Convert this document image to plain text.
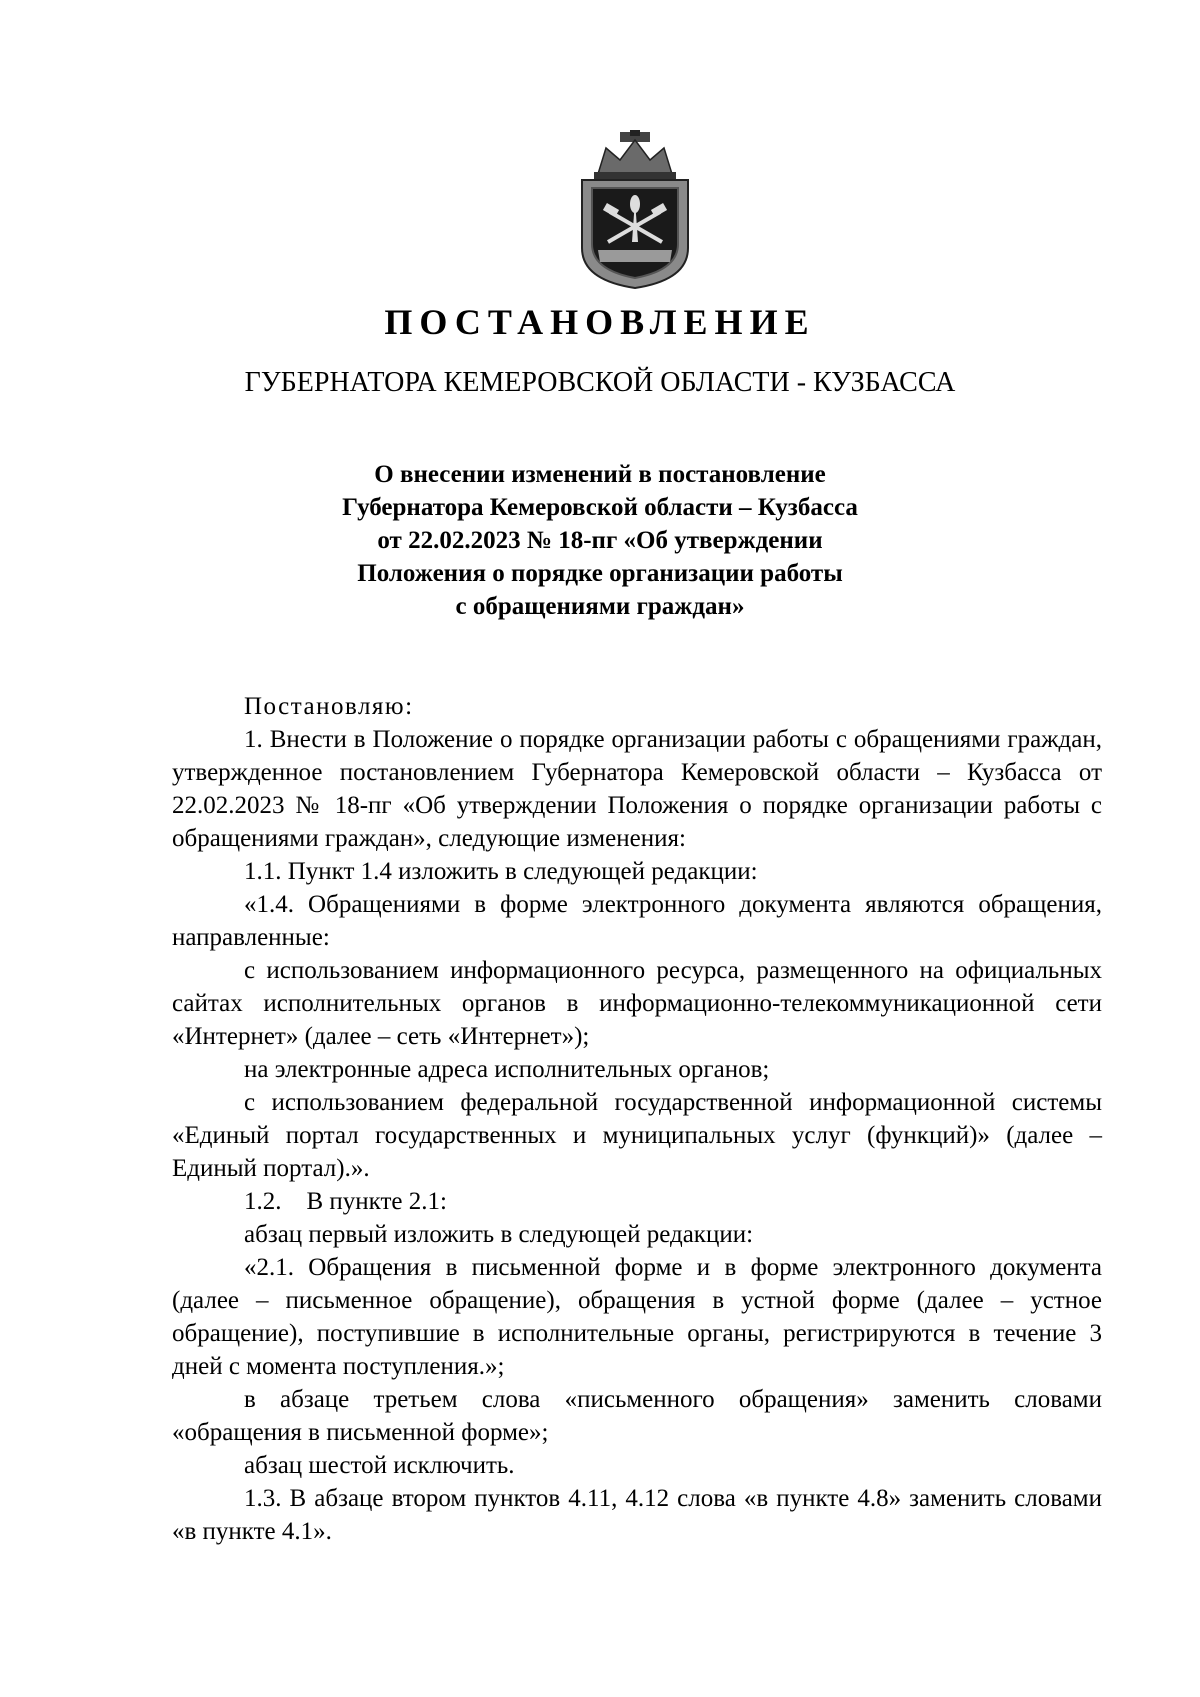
ПОСТАНОВЛЕНИЕ
ГУБЕРНАТОРА КЕМЕРОВСКОЙ ОБЛАСТИ - КУЗБАССА
О внесении изменений в постановление
Губернатора Кемеровской области – Кузбасса
от 22.02.2023 № 18-пг «Об утверждении
Положения о порядке организации работы
с обращениями граждан»

Постановляю:

1. Внести в Положение о порядке организации работы с обращениями граждан, утвержденное постановлением Губернатора Кемеровской области – Кузбасса от 22.02.2023 № 18-пг «Об утверждении Положения о порядке организации работы с обращениями граждан», следующие изменения:

1.1. Пункт 1.4 изложить в следующей редакции:

«1.4. Обращениями в форме электронного документа являются обращения, направленные:

с использованием информационного ресурса, размещенного на официальных сайтах исполнительных органов в информационно-телекоммуникационной сети «Интернет» (далее – сеть «Интернет»);

на электронные адреса исполнительных органов;

с использованием федеральной государственной информационной системы «Единый портал государственных и муниципальных услуг (функций)» (далее – Единый портал).».

1.2.    В пункте 2.1:

абзац первый изложить в следующей редакции:

«2.1. Обращения в письменной форме и в форме электронного документа (далее – письменное обращение), обращения в устной форме (далее – устное обращение), поступившие в исполнительные органы, регистрируются в течение 3 дней с момента поступления.»;

в абзаце третьем слова «письменного обращения» заменить словами «обращения в письменной форме»;

абзац шестой исключить.

1.3. В абзаце втором пунктов 4.11, 4.12 слова «в пункте 4.8» заменить словами «в пункте 4.1».
